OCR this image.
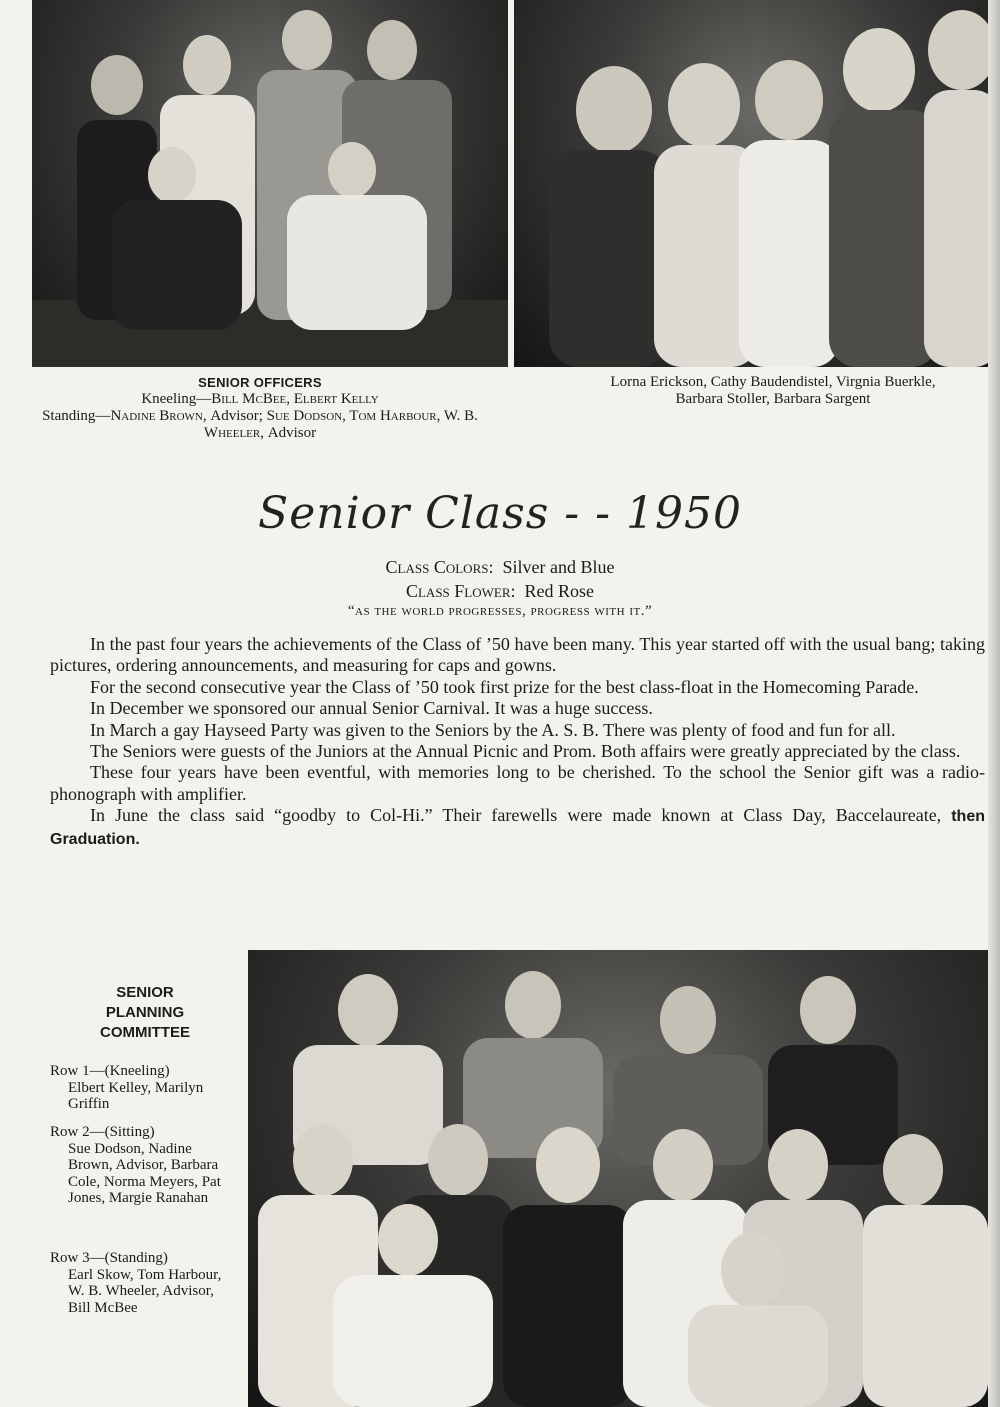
SENIOR OFFICERS
Kneeling—Bill McBee, Elbert Kelly
Standing—Nadine Brown, Advisor; Sue Dodson, Tom Harbour, W. B. Wheeler, Advisor
Lorna Erickson, Cathy Baudendistel, Virgnia Buerkle,
Barbara Stoller, Barbara Sargent
Senior Class - - 1950
Class Colors: Silver and Blue
Class Flower: Red Rose
“as the world progresses, progress with it.”

In the past four years the achievements of the Class of ’50 have been many. This year started off with the usual bang; taking pictures, ordering announcements, and measuring for caps and gowns.

For the second consecutive year the Class of ’50 took first prize for the best class-float in the Homecoming Parade.

In December we sponsored our annual Senior Carnival. It was a huge success.

In March a gay Hayseed Party was given to the Seniors by the A. S. B. There was plenty of food and fun for all.

The Seniors were guests of the Juniors at the Annual Picnic and Prom. Both affairs were greatly appreciated by the class.

These four years have been eventful, with memories long to be cherished. To the school the Senior gift was a radio-phonograph with amplifier.

In June the class said “goodby to Col-Hi.” Their farewells were made known at Class Day, Baccelaureate, then Graduation.

SENIOR
PLANNING
COMMITTEE
Row 1—(Kneeling)
Elbert Kelley, Marilyn Griffin
Row 2—(Sitting)
Sue Dodson, Nadine Brown, Advisor, Barbara Cole, Norma Meyers, Pat Jones, Margie Ranahan
Row 3—(Standing)
Earl Skow, Tom Harbour, W. B. Wheeler, Advisor, Bill McBee
